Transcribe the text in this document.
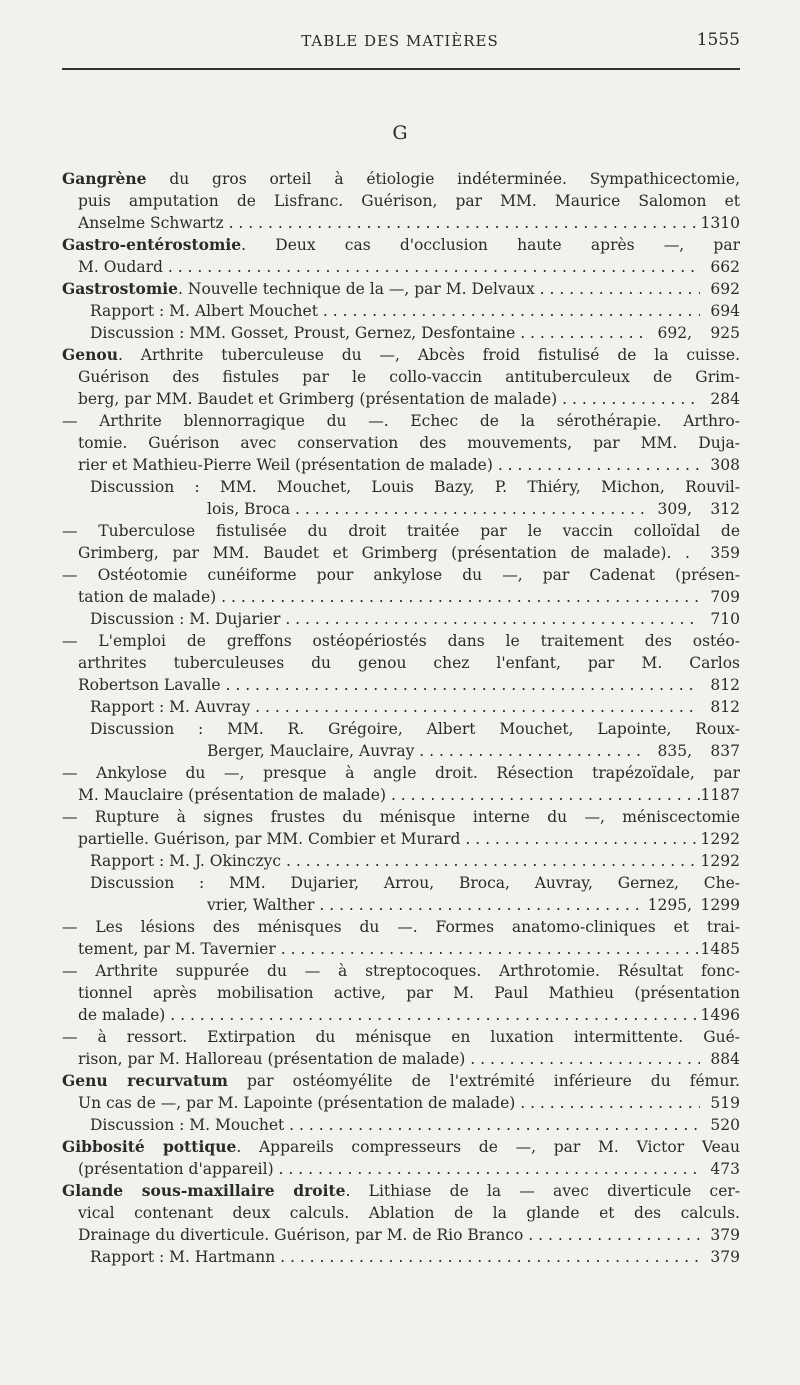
TABLE DES MATIÈRES	1555
G
Gangrène du gros orteil à étiologie indéterminée. Sympathicectomie,
puis amputation de Lisfranc. Guérison, par MM. Maurice Salomon et
Anselme Schwartz . . .	1310
Gastro-entérostomie. Deux cas d'occlusion haute après —, par
M. Oudard . . .	662
Gastrostomie. Nouvelle technique de la —, par M. Delvaux . . .	692
Rapport : M. Albert Mouchet . . .	694
Discussion : MM. Gosset, Proust, Gernez, Desfontaine . . .	692, 925
Genou. Arthrite tuberculeuse du —, Abcès froid fistulisé de la cuisse.
Guérison des fistules par le collo-vaccin antituberculeux de Grim-
berg, par MM. Baudet et Grimberg (présentation de malade) . . .	284
— Arthrite blennorragique du —. Echec de la sérothérapie. Arthro-
tomie. Guérison avec conservation des mouvements, par MM. Duja-
rier et Mathieu-Pierre Weil (présentation de malade) . . .	308
Discussion : MM. Mouchet, Louis Bazy, P. Thiéry, Michon, Rouvil-
lois, Broca . . .	309, 312
— Tuberculose fistulisée du droit traitée par le vaccin colloïdal de
Grimberg, par MM. Baudet et Grimberg (présentation de malade). . 359
— Ostéotomie cunéiforme pour ankylose du —, par Cadenat (présen-
tation de malade) . . .	709
Discussion : M. Dujarier . . .	710
— L'emploi de greffons ostéopériostés dans le traitement des ostéo-
arthrites tuberculeuses du genou chez l'enfant, par M. Carlos
Robertson Lavalle . . .	812
Rapport : M. Auvray . . .	812
Discussion : MM. R. Grégoire, Albert Mouchet, Lapointe, Roux-
Berger, Mauclaire, Auvray . . .	835, 837
— Ankylose du —, presque à angle droit. Résection trapézoïdale, par
M. Mauclaire (présentation de malade) . . .	1187
— Rupture à signes frustes du ménisque interne du —, méniscectomie
partielle. Guérison, par MM. Combier et Murard . . .	1292
Rapport : M. J. Okinczyc . . .	1292
Discussion : MM. Dujarier, Arrou, Broca, Auvray, Gernez, Che-
vrier, Walther . . .	1295, 1299
— Les lésions des ménisques du —. Formes anatomo-cliniques et trai-
tement, par M. Tavernier . . .	1485
— Arthrite suppurée du — à streptocoques. Arthrotomie. Résultat fonc-
tionnel après mobilisation active, par M. Paul Mathieu (présentation
de malade) . . .	1496
— à ressort. Extirpation du ménisque en luxation intermittente. Gué-
rison, par M. Halloreau (présentation de malade) . . .	884
Genu recurvatum par ostéomyélite de l'extrémité inférieure du fémur.
Un cas de —, par M. Lapointe (présentation de malade) . . .	519
Discussion : M. Mouchet . . .	520
Gibbosité pottique. Appareils compresseurs de —, par M. Victor Veau
(présentation d'appareil) . . .	473
Glande sous-maxillaire droite. Lithiase de la — avec diverticule cer-
vical contenant deux calculs. Ablation de la glande et des calculs.
Drainage du diverticule. Guérison, par M. de Rio Branco . . .	379
Rapport : M. Hartmann . . .	379
